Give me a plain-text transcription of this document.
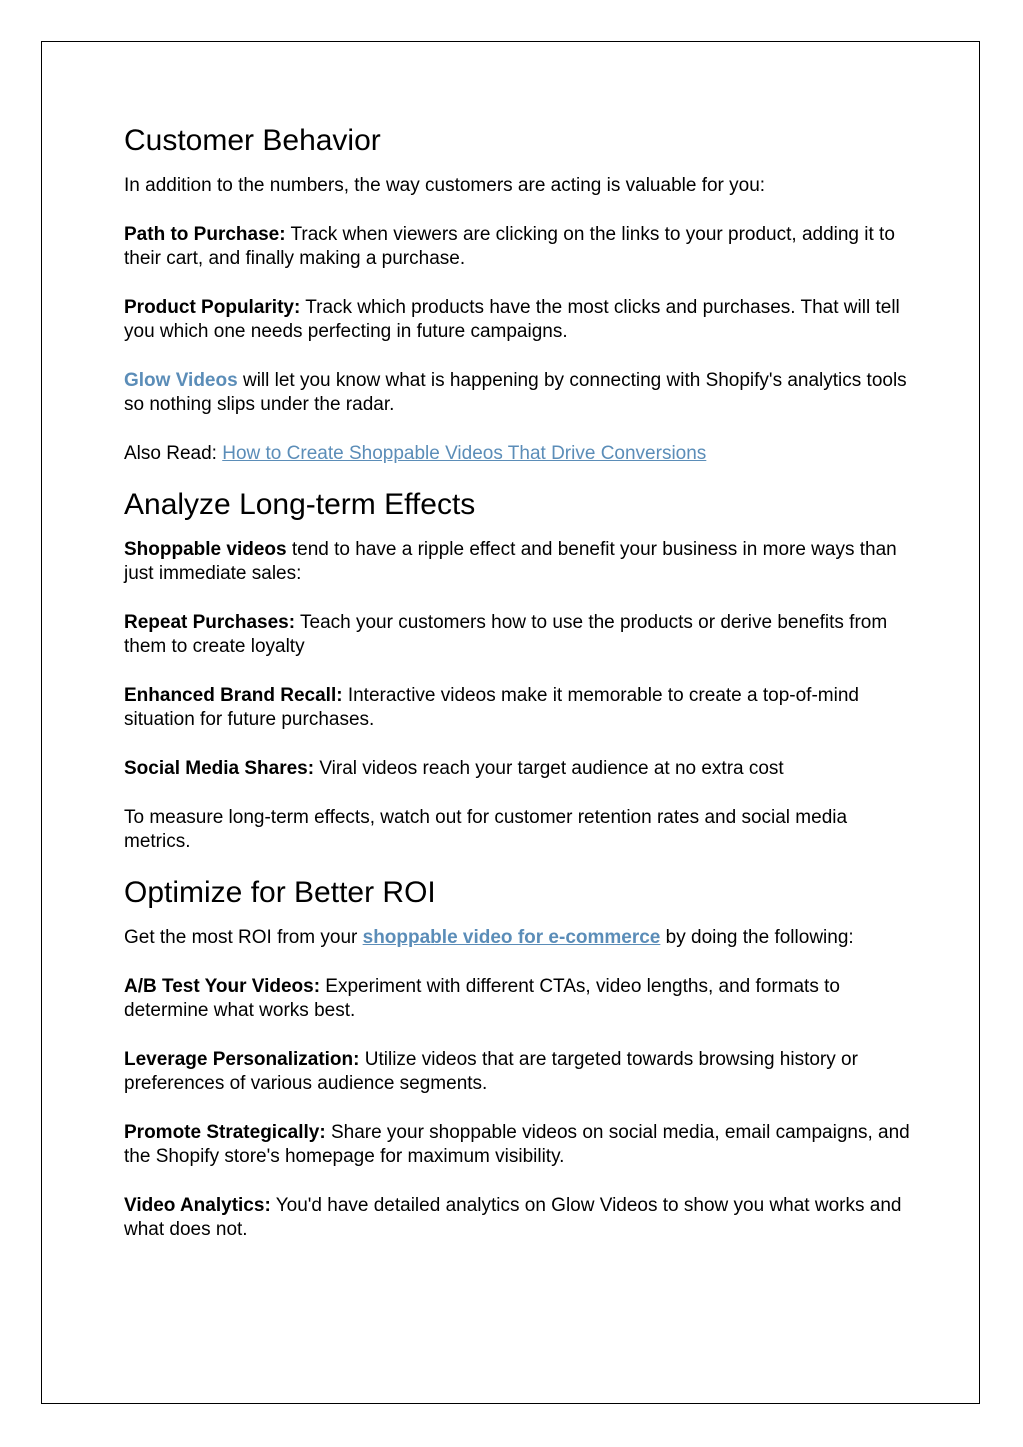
Customer Behavior

In addition to the numbers, the way customers are acting is valuable for you:

Path to Purchase: Track when viewers are clicking on the links to your product, adding it to their cart, and finally making a purchase.

Product Popularity: Track which products have the most clicks and purchases. That will tell you which one needs perfecting in future campaigns.

Glow Videos will let you know what is happening by connecting with Shopify's analytics tools so nothing slips under the radar.

Also Read: How to Create Shoppable Videos That Drive Conversions

Analyze Long-term Effects

Shoppable videos tend to have a ripple effect and benefit your business in more ways than just immediate sales:

Repeat Purchases: Teach your customers how to use the products or derive benefits from them to create loyalty

Enhanced Brand Recall: Interactive videos make it memorable to create a top-of-mind situation for future purchases.

Social Media Shares: Viral videos reach your target audience at no extra cost

To measure long-term effects, watch out for customer retention rates and social media metrics.

Optimize for Better ROI

Get the most ROI from your shoppable video for e-commerce by doing the following:

A/B Test Your Videos: Experiment with different CTAs, video lengths, and formats to determine what works best.

Leverage Personalization: Utilize videos that are targeted towards browsing history or preferences of various audience segments.

Promote Strategically: Share your shoppable videos on social media, email campaigns, and the Shopify store's homepage for maximum visibility.

Video Analytics: You'd have detailed analytics on Glow Videos to show you what works and what does not.
